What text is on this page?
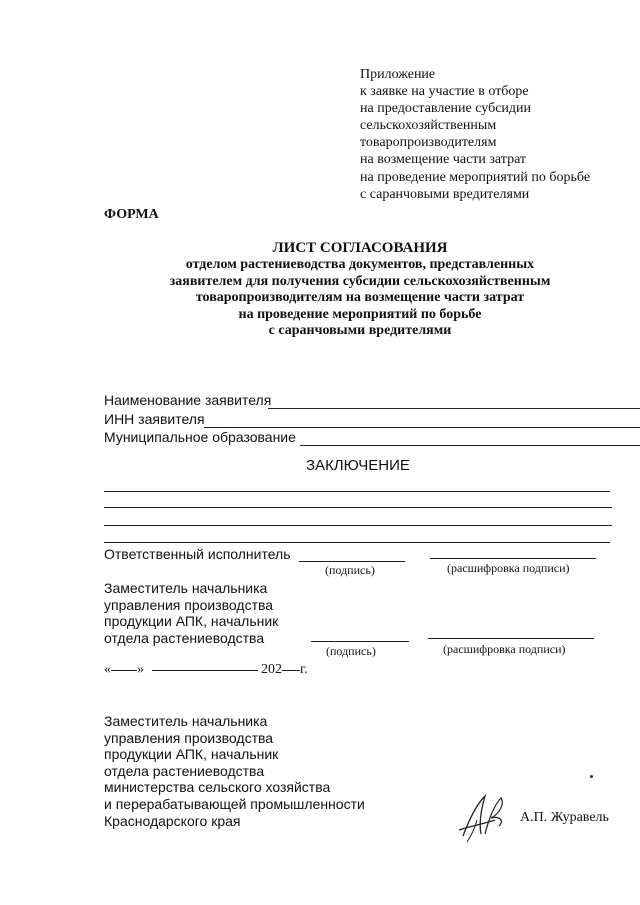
Приложение
к заявке на участие в отборе
на предоставление субсидии
сельскохозяйственным
товаропроизводителям
на возмещение части затрат
на проведение мероприятий по борьбе
с саранчовыми вредителями
ФОРМА
ЛИСТ СОГЛАСОВАНИЯ
отделом растениеводства документов, представленных
заявителем для получения субсидии сельскохозяйственным
товаропроизводителям на возмещение части затрат
на проведение мероприятий по борьбе
с саранчовыми вредителями
Наименование заявителя
ИНН заявителя
Муниципальное образование
ЗАКЛЮЧЕНИЕ
Ответственный исполнитель
(подпись)	(расшифровка подписи)
Заместитель начальника
управления производства
продукции АПК, начальник
отдела растениеводства
(подпись)	(расшифровка подписи)
« »	202 г.
Заместитель начальника
управления производства
продукции АПК, начальник
отдела растениеводства
министерства сельского хозяйства
и перерабатывающей промышленности
Краснодарского края	А.П. Журавель
